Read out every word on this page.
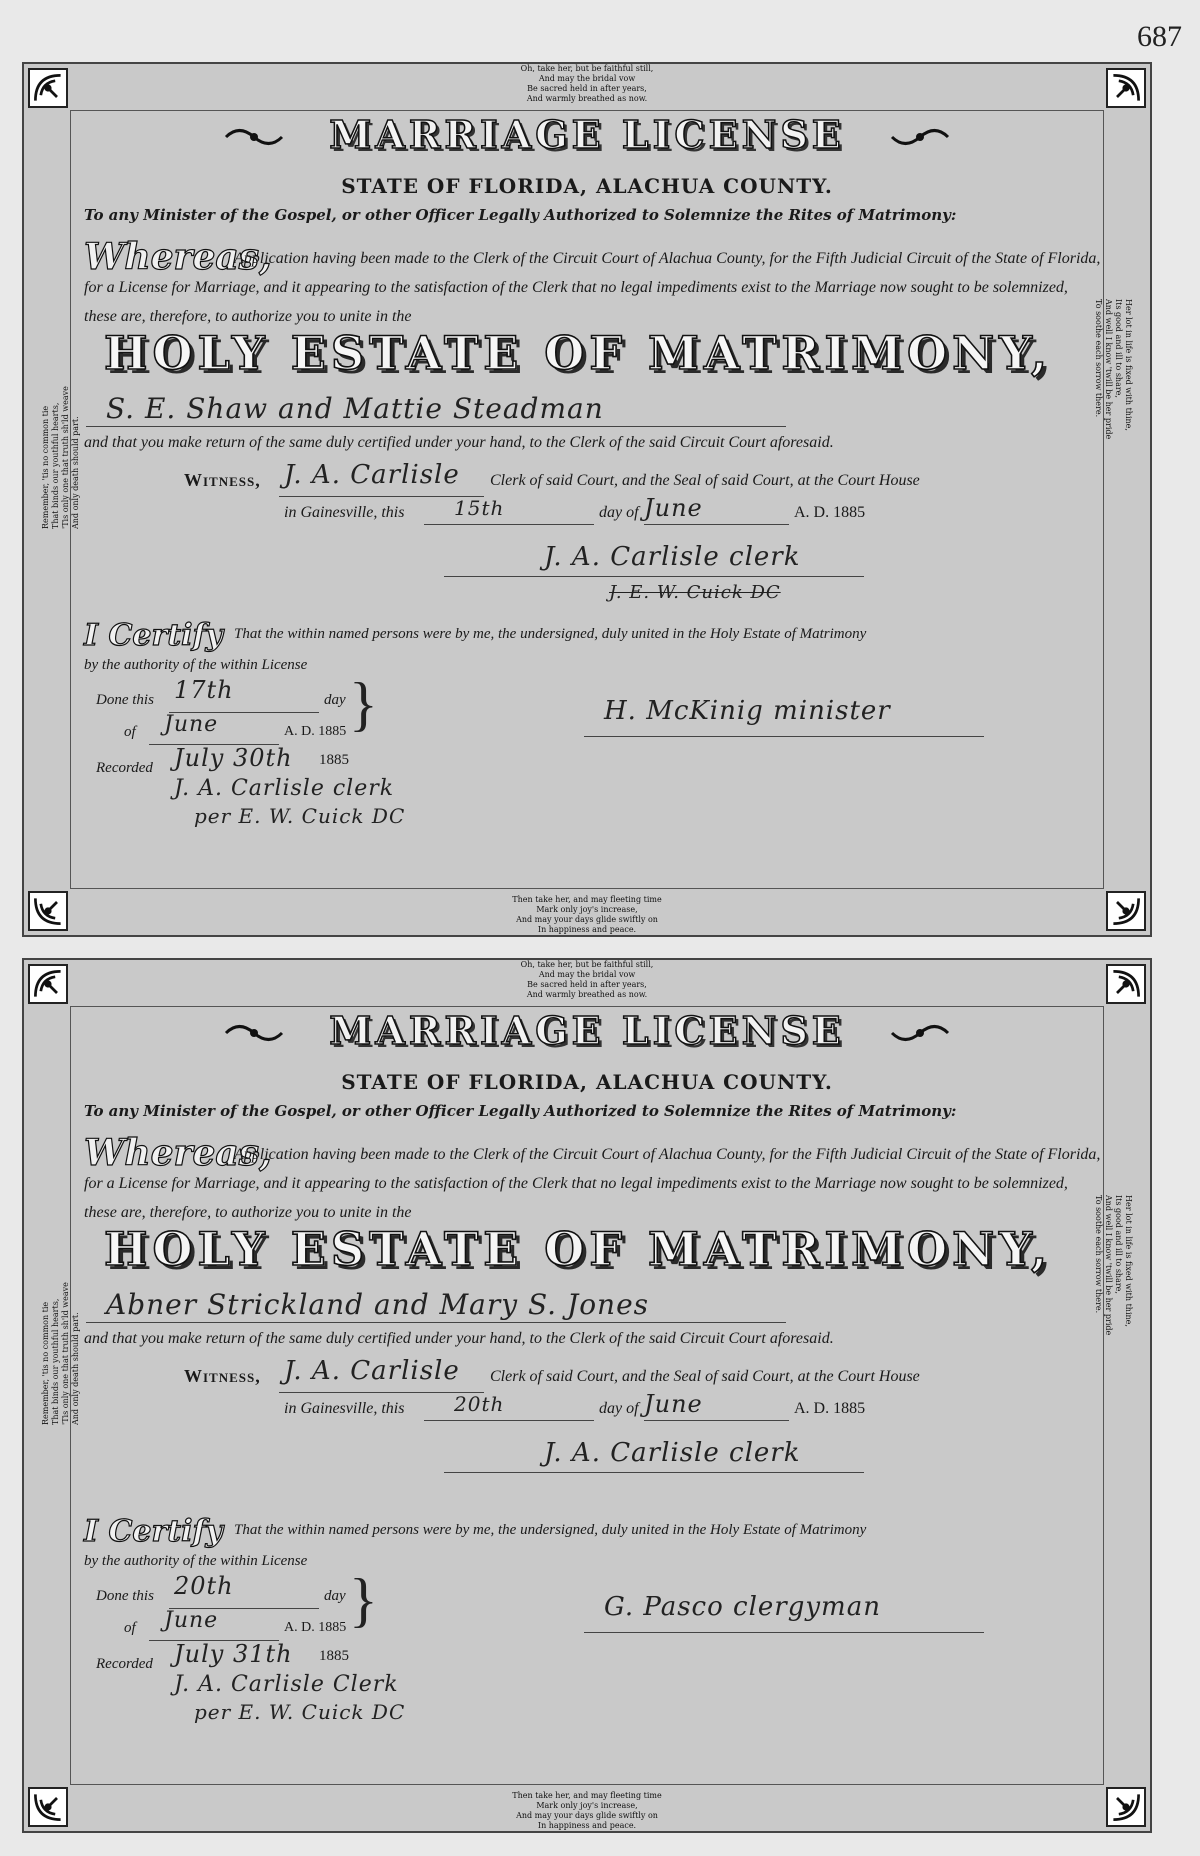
687
Oh, take her, but be faithful still,
And may the bridal vow
Be sacred held in after years,
And warmly breathed as now.
Then take her, and may fleeting time
Mark only joy's increase,
And may your days glide swiftly on
In happiness and peace.
Remember, 'tis no common tie That binds our youthful hearts, 'Tis only one that truth sh'ld weave And only death should part.
Her lot in life is fixed with thine,
Its good and ill to share,
And well I know 'twill be her pride
To soothe each sorrow there.
MARRIAGE LICENSE
STATE OF FLORIDA, ALACHUA COUNTY.
To any Minister of the Gospel, or other Officer Legally Authorized to Solemnize the Rites of Matrimony:
Whereas,
Application having been made to the Clerk of the Circuit Court of Alachua County, for the Fifth Judicial Circuit of the State of Florida, for a License for Marriage, and it appearing to the satisfaction of the Clerk that no legal impediments exist to the Marriage now sought to be solemnized, these are, therefore, to authorize you to unite in the
HOLY ESTATE OF MATRIMONY,
S. E. Shaw and Mattie Steadman
and that you make return of the same duly certified under your hand, to the Clerk of the said Circuit Court aforesaid.
Witness, J. A. Carlisle Clerk of said Court, and the Seal of said Court, at the Court House
in Gainesville, this 15th	day of June	A. D. 1885
J. A. Carlisle clerk
J. E. W. Cuick DC
I Certify That the within named persons were by me, the undersigned, duly united in the Holy Estate of Matrimony
by the authority of the within License
Done this 17th	day
of June	A. D. 1885 }	H. McKinig minister
Recorded July 30th 1885
J. A. Carlisle clerk
per E. W. Cuick DC
Oh, take her, but be faithful still,
And may the bridal vow
Be sacred held in after years,
And warmly breathed as now.
Then take her, and may fleeting time
Mark only joy's increase,
And may your days glide swiftly on
In happiness and peace.
Remember, 'tis no common tie That binds our youthful hearts, 'Tis only one that truth sh'ld weave And only death should part.
Her lot in life is fixed with thine,
Its good and ill to share,
And well I know 'twill be her pride
To soothe each sorrow there.
MARRIAGE LICENSE
STATE OF FLORIDA, ALACHUA COUNTY.
To any Minister of the Gospel, or other Officer Legally Authorized to Solemnize the Rites of Matrimony:
Whereas,
Application having been made to the Clerk of the Circuit Court of Alachua County, for the Fifth Judicial Circuit of the State of Florida, for a License for Marriage, and it appearing to the satisfaction of the Clerk that no legal impediments exist to the Marriage now sought to be solemnized, these are, therefore, to authorize you to unite in the
HOLY ESTATE OF MATRIMONY,
Abner Strickland and Mary S. Jones
and that you make return of the same duly certified under your hand, to the Clerk of the said Circuit Court aforesaid.
Witness, J. A. Carlisle Clerk of said Court, and the Seal of said Court, at the Court House
in Gainesville, this 20th	day of June	A. D. 1885
J. A. Carlisle clerk
I Certify That the within named persons were by me, the undersigned, duly united in the Holy Estate of Matrimony
by the authority of the within License
Done this 20th	day
of June	A. D. 1885 }	G. Pasco clergyman
Recorded July 31th 1885
J. A. Carlisle Clerk
per E. W. Cuick DC
